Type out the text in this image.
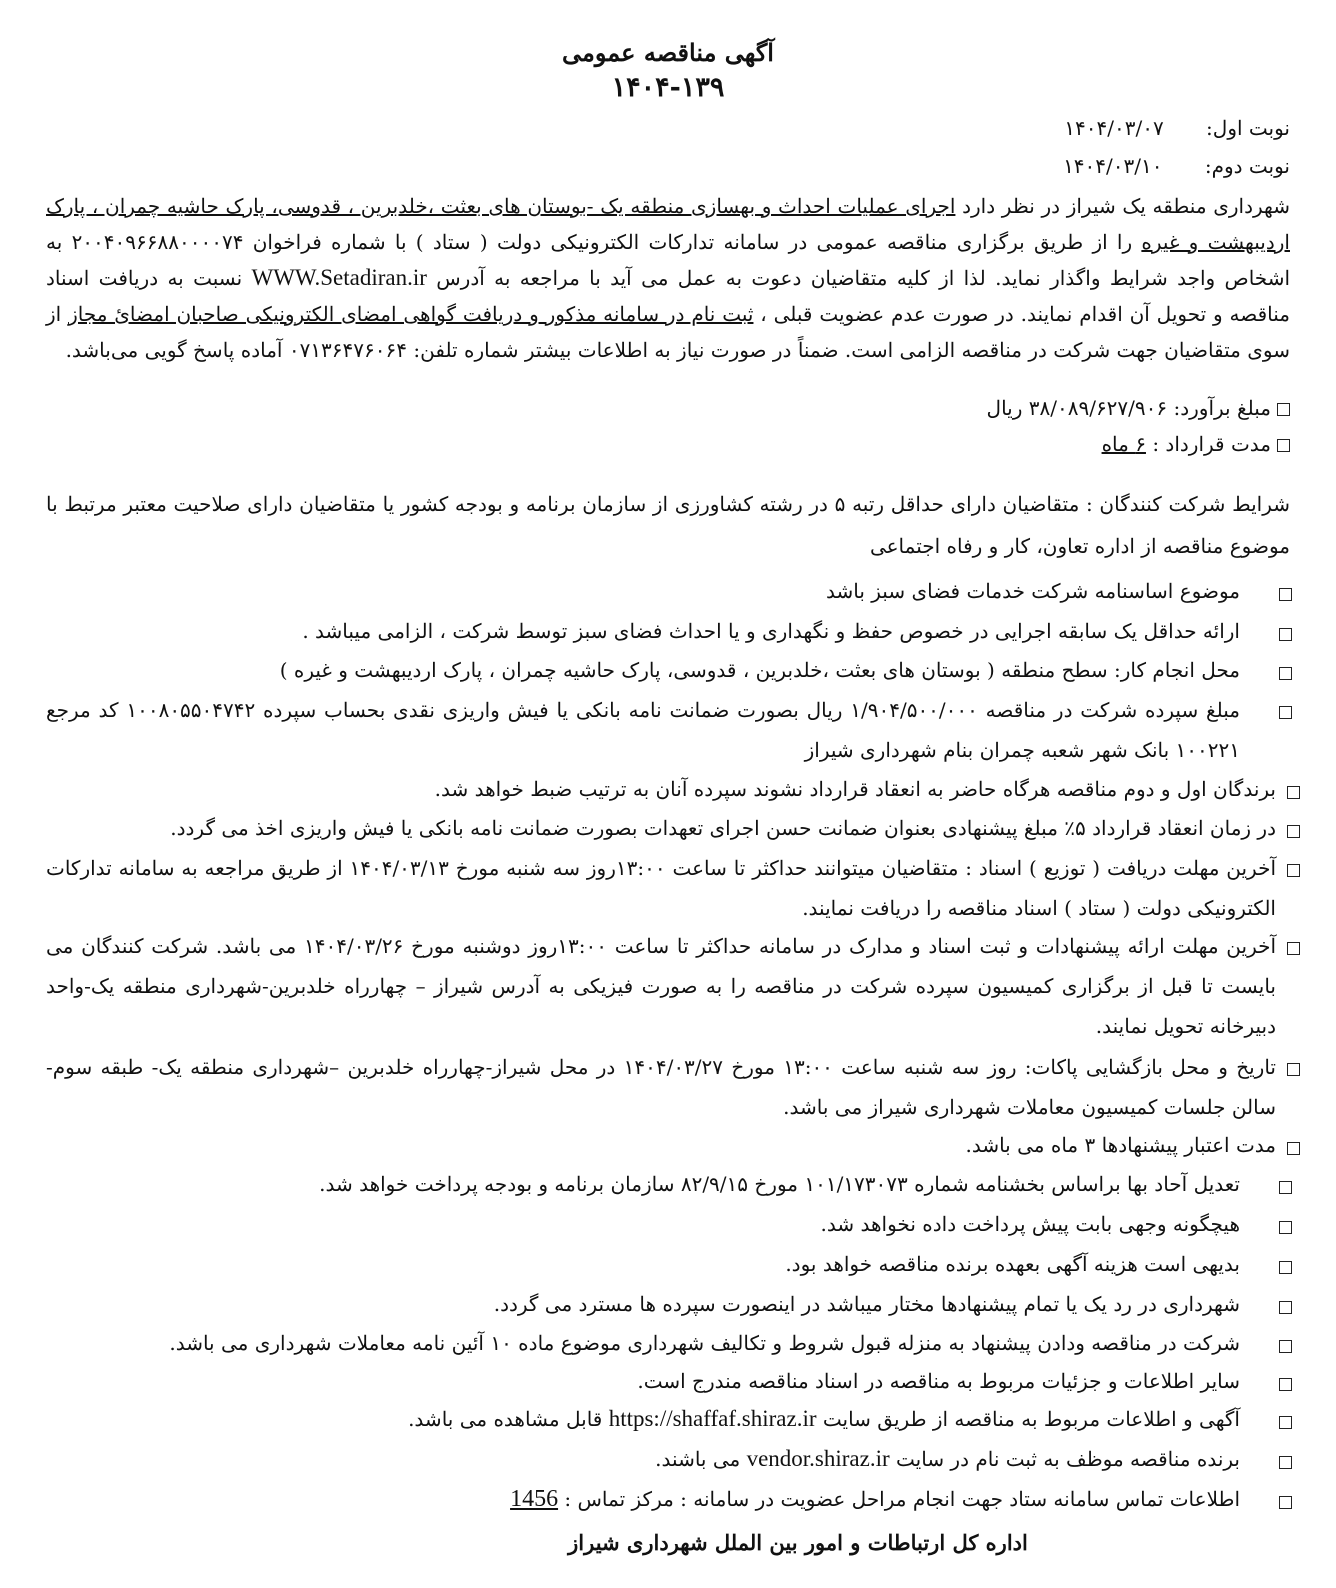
آگهی مناقصه عمومی
۱۴۰۴-۱۳۹
نوبت اول: ۱۴۰۴/۰۳/۰۷
نوبت دوم: ۱۴۰۴/۰۳/۱۰
شهرداری منطقه یک شیراز در نظر دارد اجرای عملیات احداث و بهسازی منطقه یک -بوستان های بعثت ،خلدبرین ، قدوسی، پارک حاشیه چمران ، پارک اردیبهشت و غیره را از طریق برگزاری مناقصه عمومی در سامانه تدارکات الکترونیکی دولت ( ستاد ) با شماره فراخوان ۲۰۰۴۰۹۶۶۸۸۰۰۰۰۷۴ به اشخاص واجد شرایط واگذار نماید. لذا از کلیه متقاضیان دعوت به عمل می آید با مراجعه به آدرس WWW.Setadiran.ir نسبت به دریافت اسناد مناقصه و تحویل آن اقدام نمایند. در صورت عدم عضویت قبلی ، ثبت نام در سامانه مذکور و دریافت گواهی امضای الکترونیکی صاحبان امضائ مجاز از سوی متقاضیان جهت شرکت در مناقصه الزامی است. ضمناً در صورت نیاز به اطلاعات بیشتر شماره تلفن: ۰۷۱۳۶۴۷۶۰۶۴ آماده پاسخ گویی می‌باشد.
مبلغ برآورد: ۳۸/۰۸۹/۶۲۷/۹۰۶ ریال
مدت قرارداد : ۶ ماه
شرایط شرکت کنندگان : متقاضیان دارای حداقل رتبه ۵ در رشته کشاورزی از سازمان برنامه و بودجه کشور یا متقاضیان دارای صلاحیت معتبر مرتبط با موضوع مناقصه از اداره تعاون، کار و رفاه اجتماعی
موضوع اساسنامه شرکت خدمات فضای سبز باشد
ارائه حداقل یک سابقه اجرایی در خصوص حفظ و نگهداری و یا احداث فضای سبز توسط شرکت ، الزامی میباشد .
محل انجام کار: سطح منطقه ( بوستان های بعثت ،خلدبرین ، قدوسی، پارک حاشیه چمران ، پارک اردیبهشت و غیره )
مبلغ سپرده شرکت در مناقصه ۱/۹۰۴/۵۰۰/۰۰۰ ریال بصورت ضمانت نامه بانکی یا فیش واریزی نقدی بحساب سپرده ۱۰۰۸۰۵۵۰۴۷۴۲ کد مرجع ۱۰۰۲۲۱ بانک شهر شعبه چمران بنام شهرداری شیراز
برندگان اول و دوم مناقصه هرگاه حاضر به انعقاد قرارداد نشوند سپرده آنان به ترتیب ضبط خواهد شد.
در زمان انعقاد قرارداد ۵٪ مبلغ پیشنهادی بعنوان ضمانت حسن اجرای تعهدات بصورت ضمانت نامه بانکی یا فیش واریزی اخذ می گردد.
آخرین مهلت دریافت ( توزیع ) اسناد : متقاضیان میتوانند حداکثر تا ساعت ۱۳:۰۰روز سه شنبه مورخ ۱۴۰۴/۰۳/۱۳ از طریق مراجعه به سامانه تدارکات الکترونیکی دولت ( ستاد ) اسناد مناقصه را دریافت نمایند.
آخرین مهلت ارائه پیشنهادات و ثبت اسناد و مدارک در سامانه حداکثر تا ساعت ۱۳:۰۰روز دوشنبه مورخ ۱۴۰۴/۰۳/۲۶ می باشد. شرکت کنندگان می بایست تا قبل از برگزاری کمیسیون سپرده شرکت در مناقصه را به صورت فیزیکی به آدرس شیراز – چهارراه خلدبرین-شهرداری منطقه یک-واحد دبیرخانه تحویل نمایند.
تاریخ و محل بازگشایی پاکات: روز سه شنبه ساعت ۱۳:۰۰ مورخ ۱۴۰۴/۰۳/۲۷ در محل شیراز-چهارراه خلدبرین –شهرداری منطقه یک- طبقه سوم- سالن جلسات کمیسیون معاملات شهرداری شیراز می باشد.
مدت اعتبار پیشنهادها ۳ ماه می باشد.
تعدیل آحاد بها براساس بخشنامه شماره ۱۰۱/۱۷۳۰۷۳ مورخ ۸۲/۹/۱۵ سازمان برنامه و بودجه پرداخت خواهد شد.
هیچگونه وجهی بابت پیش پرداخت داده نخواهد شد.
بدیهی است هزینه آگهی بعهده برنده مناقصه خواهد بود.
شهرداری در رد یک یا تمام پیشنهادها مختار میباشد در اینصورت سپرده ها مسترد می گردد.
شرکت در مناقصه ودادن پیشنهاد به منزله قبول شروط و تکالیف شهرداری موضوع ماده ۱۰ آئین نامه معاملات شهرداری می باشد.
سایر اطلاعات و جزئیات مربوط به مناقصه در اسناد مناقصه مندرج است.
آگهی و اطلاعات مربوط به مناقصه از طریق سایت https://shaffaf.shiraz.ir قابل مشاهده می باشد.
برنده مناقصه موظف به ثبت نام در سایت vendor.shiraz.ir می باشند.
اطلاعات تماس سامانه ستاد جهت انجام مراحل عضویت در سامانه : مرکز تماس : 1456
اداره کل ارتباطات و امور بین الملل شهرداری شیراز
